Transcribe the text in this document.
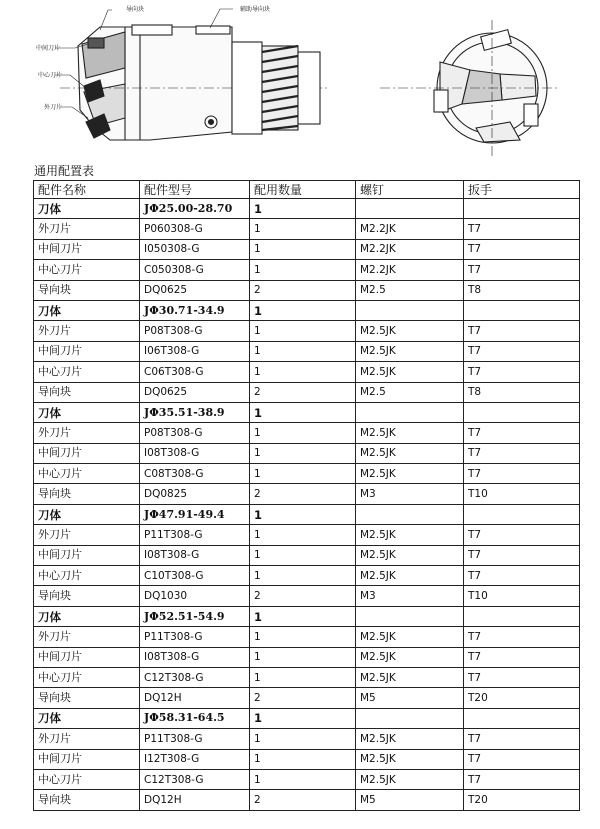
导向块	辅助导向块
中间刀片
中心刀片
外刀片
通用配置表
配件名称	配件型号	配用数量	螺钉	扳手
刀体	JΦ25.00-28.70	1		
外刀片	P060308-G	1	M2.2JK	T7
中间刀片	I050308-G	1	M2.2JK	T7
中心刀片	C050308-G	1	M2.2JK	T7
导向块	DQ0625	2	M2.5	T8
刀体	JΦ30.71-34.9	1		
外刀片	P08T308-G	1	M2.5JK	T7
中间刀片	I06T308-G	1	M2.5JK	T7
中心刀片	C06T308-G	1	M2.5JK	T7
导向块	DQ0625	2	M2.5	T8
刀体	JΦ35.51-38.9	1		
外刀片	P08T308-G	1	M2.5JK	T7
中间刀片	I08T308-G	1	M2.5JK	T7
中心刀片	C08T308-G	1	M2.5JK	T7
导向块	DQ0825	2	M3	T10
刀体	JΦ47.91-49.4	1		
外刀片	P11T308-G	1	M2.5JK	T7
中间刀片	I08T308-G	1	M2.5JK	T7
中心刀片	C10T308-G	1	M2.5JK	T7
导向块	DQ1030	2	M3	T10
刀体	JΦ52.51-54.9	1		
外刀片	P11T308-G	1	M2.5JK	T7
中间刀片	I08T308-G	1	M2.5JK	T7
中心刀片	C12T308-G	1	M2.5JK	T7
导向块	DQ12H	2	M5	T20
刀体	JΦ58.31-64.5	1		
外刀片	P11T308-G	1	M2.5JK	T7
中间刀片	I12T308-G	1	M2.5JK	T7
中心刀片	C12T308-G	1	M2.5JK	T7
导向块	DQ12H	2	M5	T20
